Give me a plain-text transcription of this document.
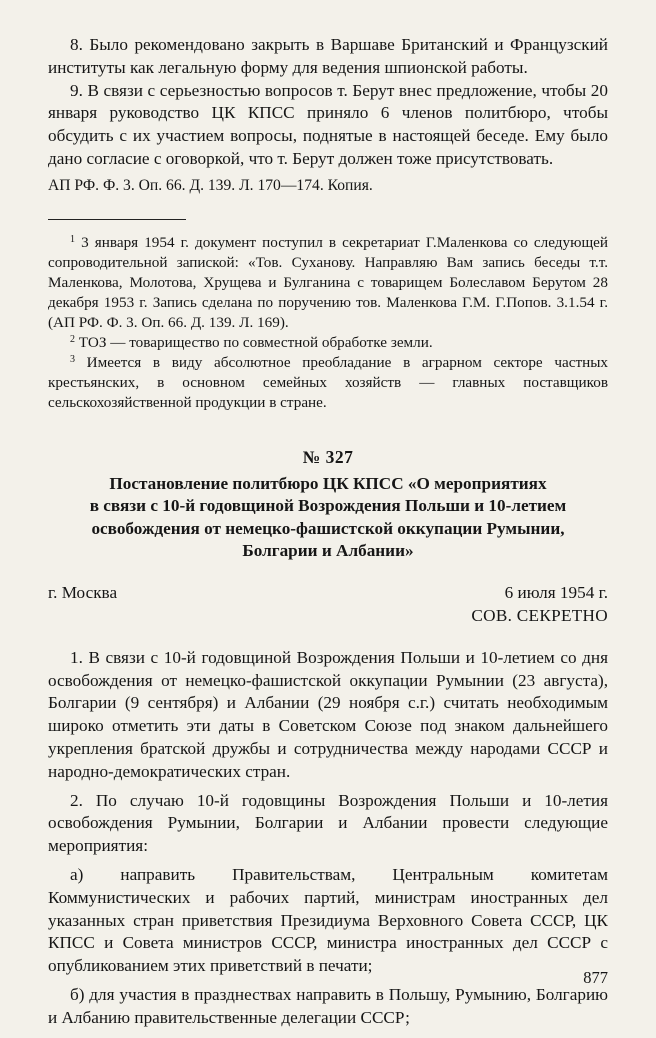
8. Было рекомендовано закрыть в Варшаве Британский и Французский институты как легальную форму для ведения шпионской работы.

9. В связи с серьезностью вопросов т. Берут внес предложение, чтобы 20 января руководство ЦК КПСС приняло 6 членов политбюро, чтобы обсудить с их участием вопросы, поднятые в настоящей беседе. Ему было дано согласие с оговоркой, что т. Берут должен тоже присутствовать.

АП РФ. Ф. 3. Оп. 66. Д. 139. Л. 170—174. Копия.

$^1$ 3 января 1954 г. документ поступил в секретариат Г.Маленкова со следующей сопроводительной запиской: «Тов. Суханову. Направляю Вам запись беседы т.т. Маленкова, Молотова, Хрущева и Булганина с товарищем Болеславом Берутом 28 декабря 1953 г. Запись сделана по поручению тов. Маленкова Г.М. Г.Попов. 3.1.54 г. (АП РФ. Ф. 3. Оп. 66. Д. 139. Л. 169).

$^2$ ТОЗ — товарищество по совместной обработке земли.

$^3$ Имеется в виду абсолютное преобладание в аграрном секторе частных крестьянских, в основном семейных хозяйств — главных поставщиков сельскохозяйственной продукции в стране.

№ 327

Постановление политбюро ЦК КПСС «О мероприятиях
в связи с 10-й годовщиной Возрождения Польши и 10-летием
освобождения от немецко-фашистской оккупации Румынии,
Болгарии и Албании»

г. Москва	6 июля 1954 г.
СОВ. СЕКРЕТНО

1. В связи с 10-й годовщиной Возрождения Польши и 10-летием со дня освобождения от немецко-фашистской оккупации Румынии (23 августа), Болгарии (9 сентября) и Албании (29 ноября с.г.) считать необходимым широко отметить эти даты в Советском Союзе под знаком дальнейшего укрепления братской дружбы и сотрудничества между народами СССР и народно-демократических стран.

2. По случаю 10-й годовщины Возрождения Польши и 10-летия освобождения Румынии, Болгарии и Албании провести следующие мероприятия:

а) направить Правительствам, Центральным комитетам Коммунистических и рабочих партий, министрам иностранных дел указанных стран приветствия Президиума Верховного Совета СССР, ЦК КПСС и Совета министров СССР, министра иностранных дел СССР с опубликованием этих приветствий в печати;

б) для участия в празднествах направить в Польшу, Румынию, Болгарию и Албанию правительственные делегации СССР;

877
